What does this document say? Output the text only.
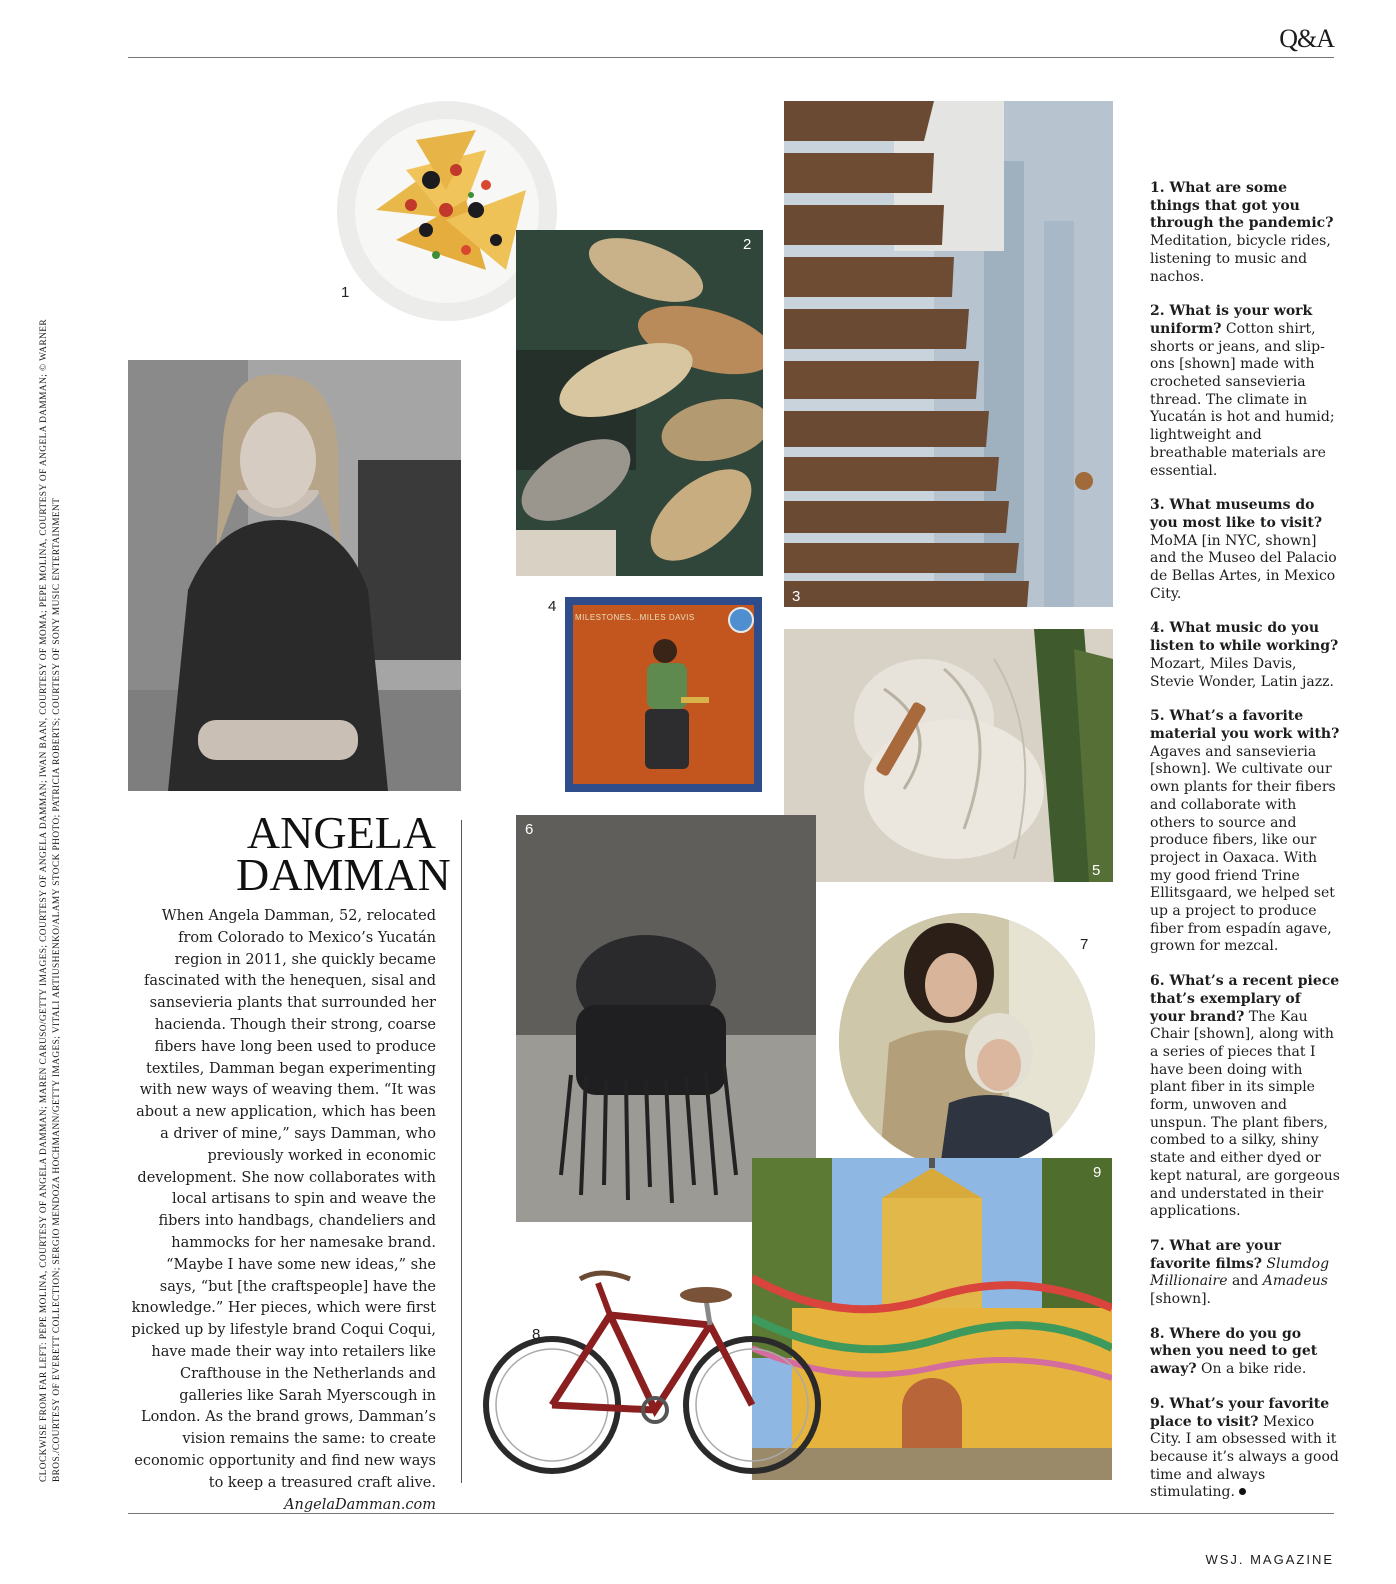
Q&A
WSJ. MAGAZINE
CLOCKWISE FROM FAR LEFT: PEPE MOLINA, COURTESY OF ANGELA DAMMAN; MAREN CARUSO/GETTY IMAGES; COURTESY OF ANGELA DAMMAN; IWAN BAAN, COURTESY OF MOMA; PEPE MOLINA, COURTESY OF ANGELA DAMMAN; © WARNER BROS./COURTESY OF EVERETT COLLECTION; SERGIO MENDOZA HOCHMANN/GETTY IMAGES; VITALI ARTIUSHENKO/ALAMY STOCK PHOTO; PATRICIA ROBERTS; COURTESY OF SONY MUSIC ENTERTAINMENT
1
2
3
MILESTONES...MILES DAVIS
4
5
6
7
9
8
ANGELA
DAMMAN
When Angela Damman, 52, relocated from Colorado to Mexico’s Yucatán region in 2011, she quickly became fascinated with the henequen, sisal and sansevieria plants that surrounded her hacienda. Though their strong, coarse fibers have long been used to produce textiles, Damman began experimenting with new ways of weaving them. “It was about a new application, which has been a driver of mine,” says Damman, who previously worked in economic development. She now collaborates with local artisans to spin and weave the fibers into handbags, chandeliers and hammocks for her namesake brand. “Maybe I have some new ideas,” she says, “but [the craftspeople] have the knowledge.” Her pieces, which were first picked up by lifestyle brand Coqui Coqui, have made their way into retailers like Crafthouse in the Netherlands and galleries like Sarah Myerscough in London. As the brand grows, Damman’s vision remains the same: to create economic opportunity and find new ways to keep a treasured craft alive. AngelaDamman.com

1. What are some things that got you through the pandemic? Meditation, bicycle rides, listening to music and nachos.

2. What is your work uniform? Cotton shirt, shorts or jeans, and slip-ons [shown] made with crocheted sansevieria thread. The climate in Yucatán is hot and humid; lightweight and breathable materials are essential.

3. What museums do you most like to visit? MoMA [in NYC, shown] and the Museo del Palacio de Bellas Artes, in Mexico City.

4. What music do you listen to while working? Mozart, Miles Davis, Stevie Wonder, Latin jazz.

5. What’s a favorite material you work with? Agaves and sansevieria [shown]. We cultivate our own plants for their fibers and collaborate with others to source and produce fibers, like our project in Oaxaca. With my good friend Trine Ellitsgaard, we helped set up a project to produce fiber from espadín agave, grown for mezcal.

6. What’s a recent piece that’s exemplary of your brand? The Kau Chair [shown], along with a series of pieces that I have been doing with plant fiber in its simple form, unwoven and unspun. The plant fibers, combed to a silky, shiny state and either dyed or kept natural, are gorgeous and understated in their applications.

7. What are your favorite films? Slumdog Millionaire and Amadeus [shown].

8. Where do you go when you need to get away? On a bike ride.

9. What’s your favorite place to visit? Mexico City. I am obsessed with it because it’s always a good time and always stimulating.
